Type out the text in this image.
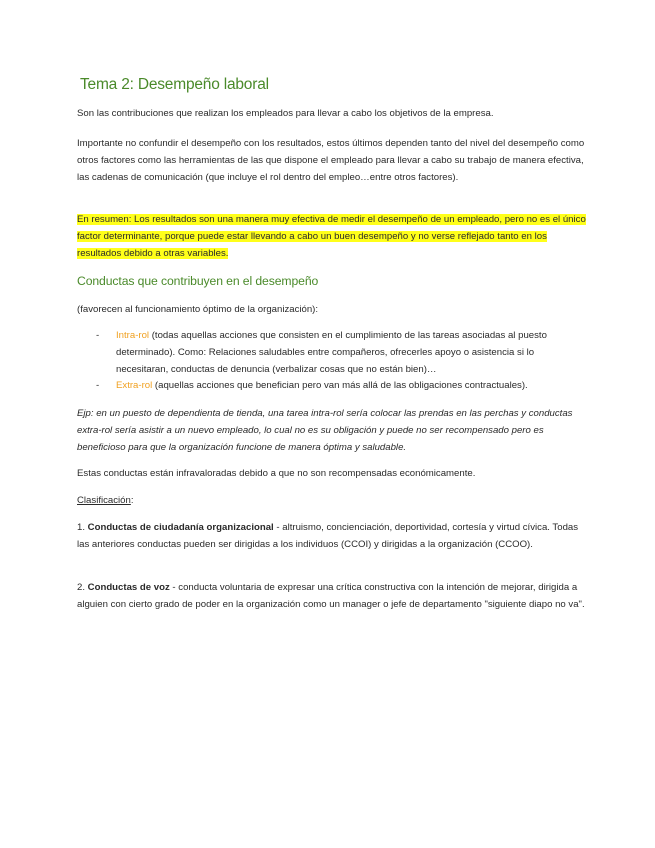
Tema 2: Desempeño laboral

Son las contribuciones que realizan los empleados para llevar a cabo los objetivos de la empresa.

Importante no confundir el desempeño con los resultados, estos últimos dependen tanto del nivel del desempeño como otros factores como las herramientas de las que dispone el empleado para llevar a cabo su trabajo de manera efectiva, las cadenas de comunicación (que incluye el rol dentro del empleo…entre otros factores).

En resumen: Los resultados son una manera muy efectiva de medir el desempeño de un empleado, pero no es el único factor determinante, porque puede estar llevando a cabo un buen desempeño y no verse reflejado tanto en los resultados debido a otras variables.

Conductas que contribuyen en el desempeño

(favorecen al funcionamiento óptimo de la organización):

- Intra-rol (todas aquellas acciones que consisten en el cumplimiento de las tareas asociadas al puesto determinado). Como: Relaciones saludables entre compañeros, ofrecerles apoyo o asistencia si lo necesitaran, conductas de denuncia (verbalizar cosas que no están bien)…
- Extra-rol (aquellas acciones que benefician pero van más allá de las obligaciones contractuales).

Ejp: en un puesto de dependienta de tienda, una tarea intra-rol sería colocar las prendas en las perchas y conductas extra-rol sería asistir a un nuevo empleado, lo cual no es su obligación y puede no ser recompensado pero es beneficioso para que la organización funcione de manera óptima y saludable.

Estas conductas están infravaloradas debido a que no son recompensadas económicamente.

Clasificación:

1. Conductas de ciudadanía organizacional - altruismo, concienciación, deportividad, cortesía y virtud cívica. Todas las anteriores conductas pueden ser dirigidas a los individuos (CCOI) y dirigidas a la organización (CCOO).

2. Conductas de voz - conducta voluntaria de expresar una crítica constructiva con la intención de mejorar, dirigida a alguien con cierto grado de poder en la organización como un manager o jefe de departamento "siguiente diapo no va".
